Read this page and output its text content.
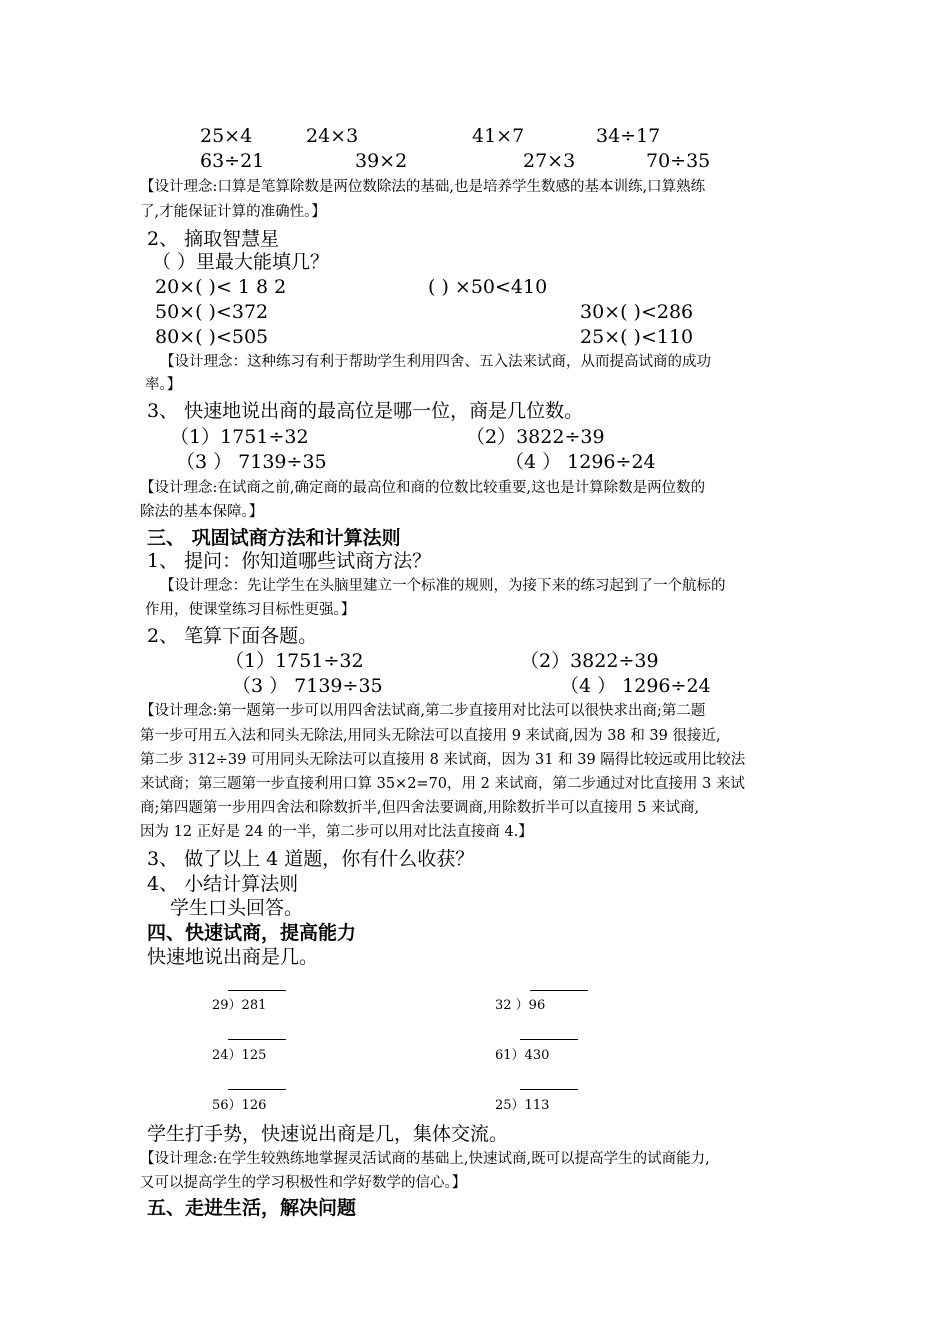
25×4	24×3	41×7	34÷17
63÷21	39×2	27×3	70÷35
【设计理念:口算是笔算除数是两位数除法的基础,也是培养学生数感的基本训练,口算熟练
了,才能保证计算的准确性。】
2、 摘取智慧星
（ ）里最大能填几？
20×( )< 1 8 2	( ) ×50<410
50×( )<372	30×( )<286
80×( )<505	25×( )<110
【设计理念：这种练习有利于帮助学生利用四舍、五入法来试商，从而提高试商的成功
率。】
3、 快速地说出商的最高位是哪一位，商是几位数。
（1）1751÷32	（2）3822÷39
（3 ） 7139÷35	（4 ） 1296÷24
【设计理念:在试商之前,确定商的最高位和商的位数比较重要,这也是计算除数是两位数的
除法的基本保障。】
三、 巩固试商方法和计算法则
1、 提问：你知道哪些试商方法？
【设计理念：先让学生在头脑里建立一个标准的规则，为接下来的练习起到了一个航标的
作用，使课堂练习目标性更强。】
2、 笔算下面各题。
（1）1751÷32	（2）3822÷39
（3 ） 7139÷35	（4 ） 1296÷24
【设计理念:第一题第一步可以用四舍法试商,第二步直接用对比法可以很快求出商;第二题
第一步可用五入法和同头无除法,用同头无除法可以直接用 9 来试商,因为 38 和 39 很接近,
第二步 312÷39 可用同头无除法可以直接用 8 来试商，因为 31 和 39 隔得比较远或用比较法
来试商；第三题第一步直接利用口算 35×2=70，用 2 来试商，第二步通过对比直接用 3 来试
商;第四题第一步用四舍法和除数折半,但四舍法要调商,用除数折半可以直接用 5 来试商,
因为 12 正好是 24 的一半，第二步可以用对比法直接商 4.】
3、 做了以上 4 道题，你有什么收获？
4、 小结计算法则
学生口头回答。
四、快速试商，提高能力
快速地说出商是几。
29）281	32 ）96
24）125	61）430
56）126	25）113
学生打手势，快速说出商是几，集体交流。
【设计理念:在学生较熟练地掌握灵活试商的基础上,快速试商,既可以提高学生的试商能力,
又可以提高学生的学习积极性和学好数学的信心。】
五、走进生活，解决问题
